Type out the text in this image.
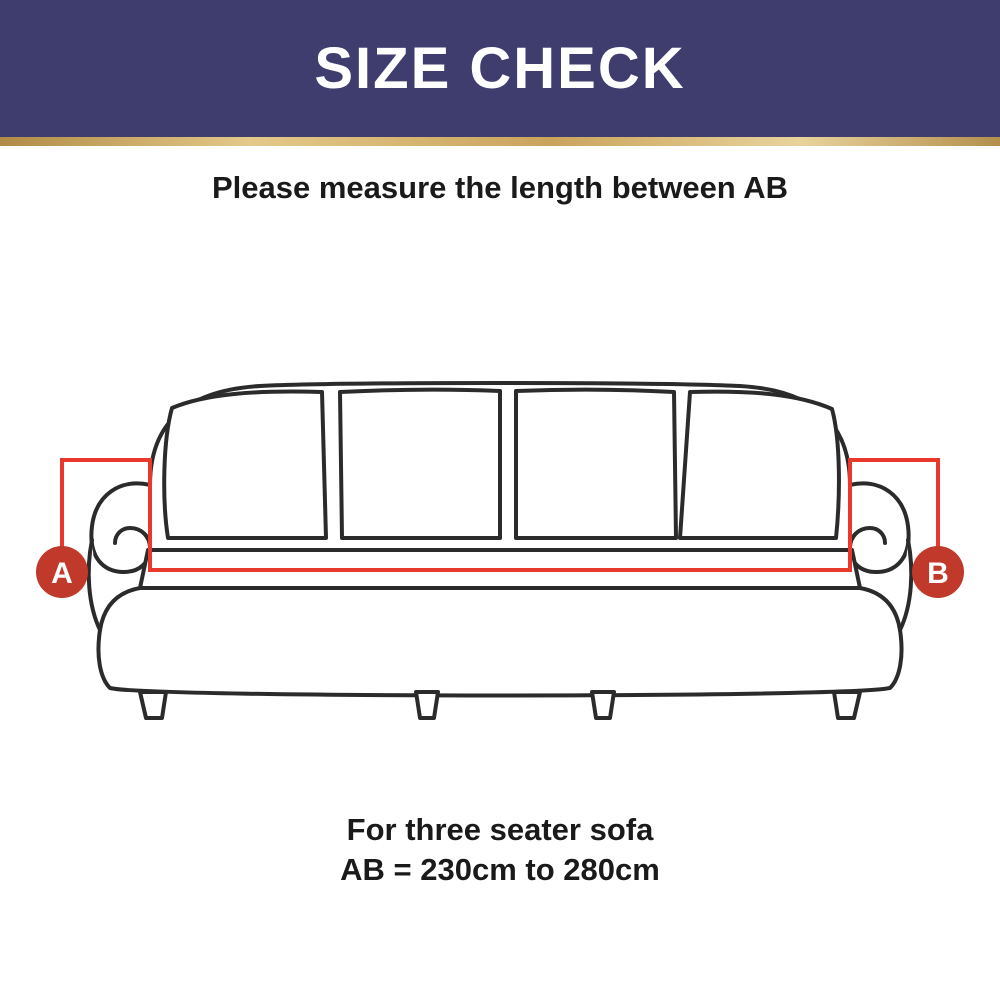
SIZE CHECK
Please measure the length between AB
A	B
For three seater sofa
AB = 230cm to 280cm
